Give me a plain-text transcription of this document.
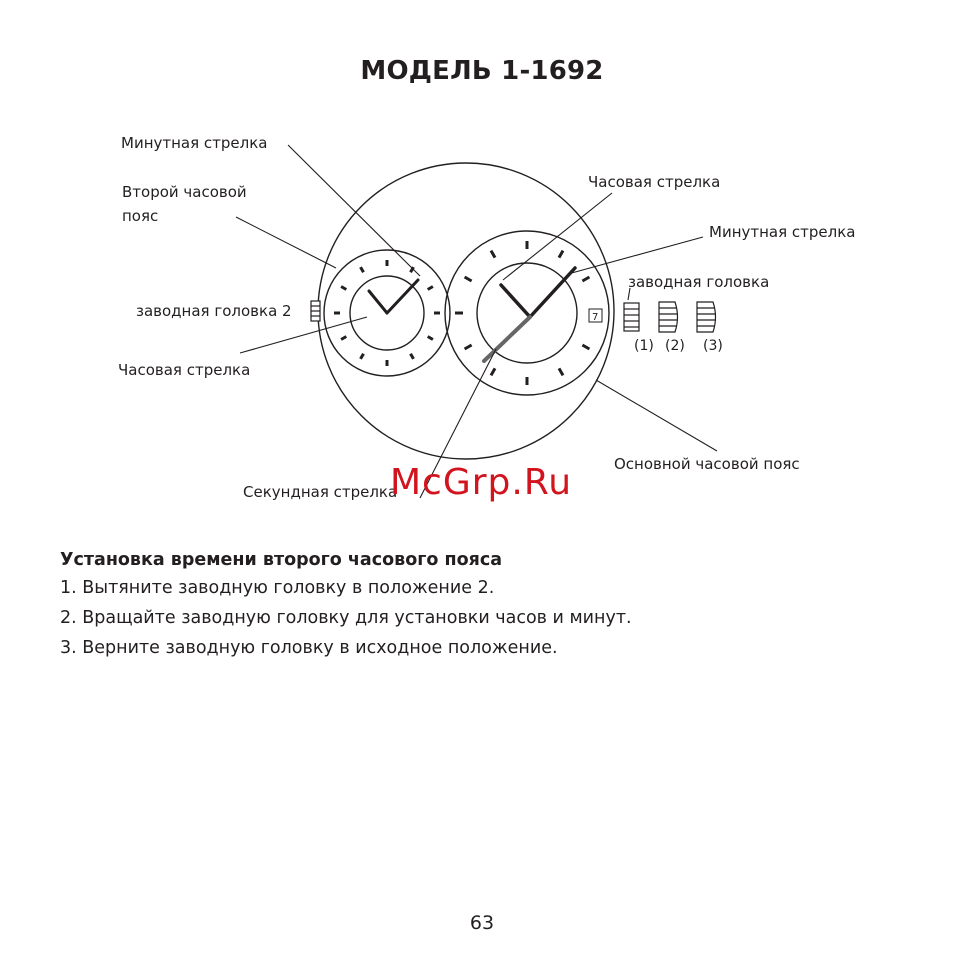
МОДЕЛЬ 1-1692
7
Минутная стрелка
Второй часовой
пояс
заводная головка 2
Часовая стрелка
Секундная стрелка
Часовая стрелка
Минутная стрелка
заводная головка
Основной часовой пояс
(1) (2) (3)
McGrp.Ru
Установка времени второго часового пояса

1. Вытяните заводную головку в положение 2.

2. Вращайте заводную головку для установки часов и минут.

3. Верните заводную головку в исходное положение.

63
